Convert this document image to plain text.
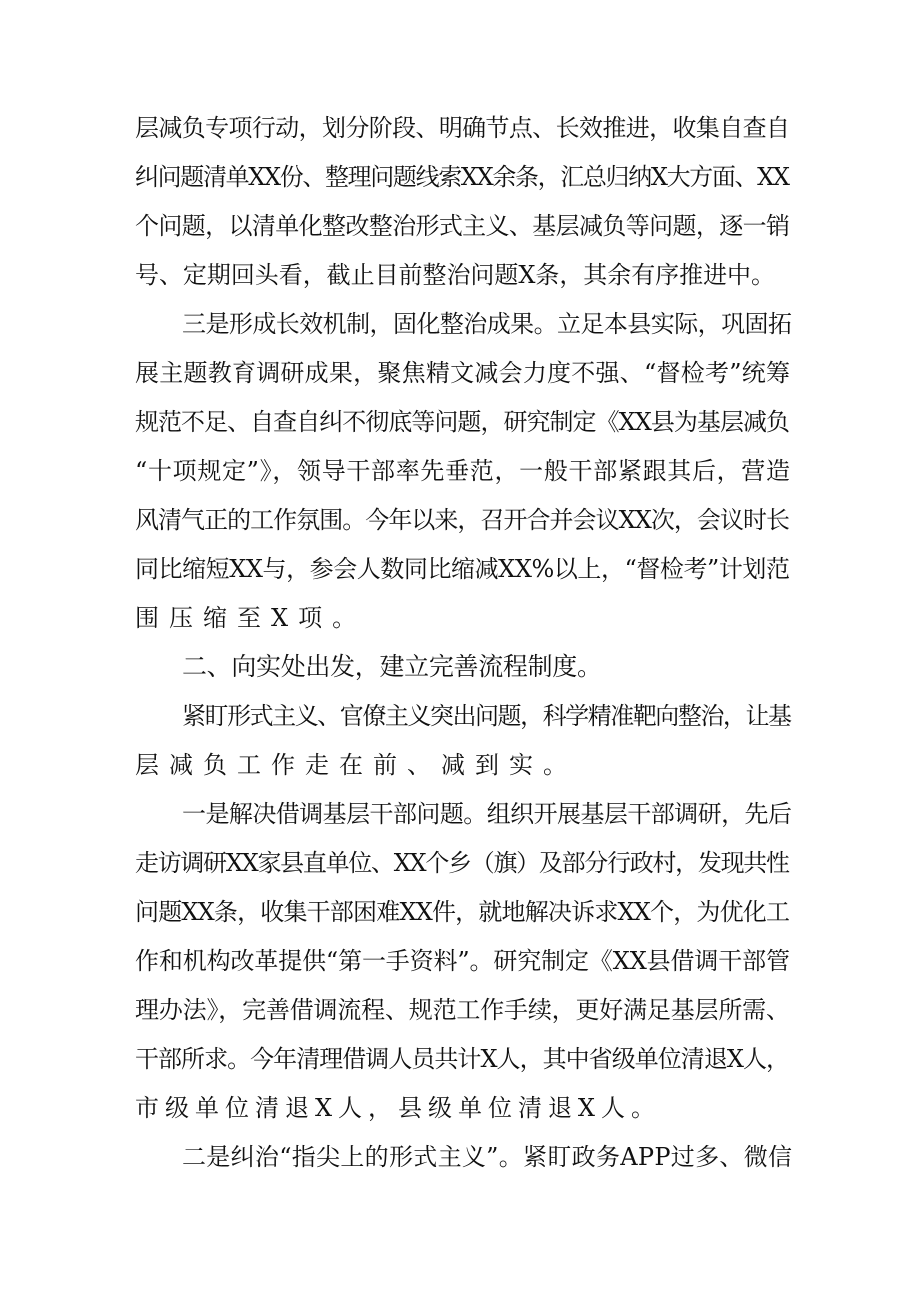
层减负专项行动，划分阶段、明确节点、长效推进，收集自查自
纠问题清单XX份、整理问题线索XX余条，汇总归纳X大方面、XX
个问题，以清单化整改整治形式主义、基层减负等问题，逐一销
号、定期回头看，截止目前整治问题X条，其余有序推进中。
三是形成长效机制，固化整治成果。立足本县实际，巩固拓
展主题教育调研成果，聚焦精文减会力度不强、“督检考”统筹
规范不足、自查自纠不彻底等问题，研究制定《XX县为基层减负
“十项规定”》，领导干部率先垂范，一般干部紧跟其后，营造
风清气正的工作氛围。今年以来，召开合并会议XX次，会议时长
同比缩短XX与，参会人数同比缩减XX%以上，“督检考”计划范
围压缩至X项。
二、向实处出发，建立完善流程制度。
紧盯形式主义、官僚主义突出问题，科学精准靶向整治，让基
层减负工作走在前、减到实。
一是解决借调基层干部问题。组织开展基层干部调研，先后
走访调研XX家县直单位、XX个乡（旗）及部分行政村，发现共性
问题XX条，收集干部困难XX件，就地解决诉求XX个，为优化工
作和机构改革提供“第一手资料”。研究制定《XX县借调干部管
理办法》，完善借调流程、规范工作手续，更好满足基层所需、
干部所求。今年清理借调人员共计X人，其中省级单位清退X人，
市级单位清退X人，县级单位清退X人。
二是纠治“指尖上的形式主义”。紧盯政务APP过多、微信
